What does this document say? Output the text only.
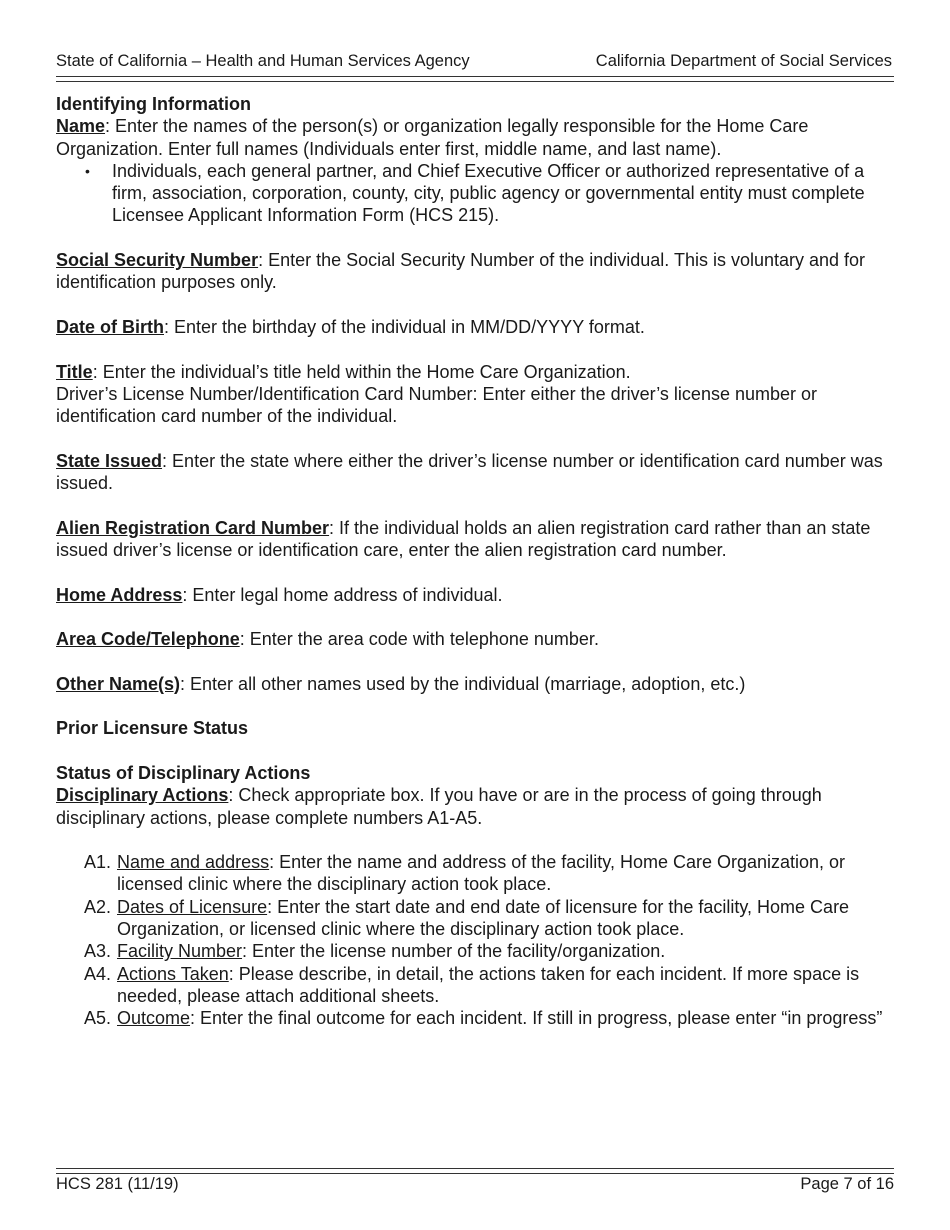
State of California – Health and Human Services Agency	California Department of Social Services

Identifying Information

Name: Enter the names of the person(s) or organization legally responsible for the Home Care Organization. Enter full names (Individuals enter first, middle name, and last name).

• Individuals, each general partner, and Chief Executive Officer or authorized representative of a firm, association, corporation, county, city, public agency or governmental entity must complete Licensee Applicant Information Form (HCS 215).

Social Security Number: Enter the Social Security Number of the individual. This is voluntary and for identification purposes only.

Date of Birth: Enter the birthday of the individual in MM/DD/YYYY format.

Title: Enter the individual’s title held within the Home Care Organization.

Driver’s License Number/Identification Card Number: Enter either the driver’s license number or identification card number of the individual.

State Issued: Enter the state where either the driver’s license number or identification card number was issued.

Alien Registration Card Number: If the individual holds an alien registration card rather than an state issued driver’s license or identification care, enter the alien registration card number.

Home Address: Enter legal home address of individual.

Area Code/Telephone: Enter the area code with telephone number.

Other Name(s): Enter all other names used by the individual (marriage, adoption, etc.)

Prior Licensure Status

Status of Disciplinary Actions

Disciplinary Actions: Check appropriate box. If you have or are in the process of going through disciplinary actions, please complete numbers A1-A5.

A1. Name and address: Enter the name and address of the facility, Home Care Organization, or licensed clinic where the disciplinary action took place.
A2. Dates of Licensure: Enter the start date and end date of licensure for the facility, Home Care Organization, or licensed clinic where the disciplinary action took place.
A3. Facility Number: Enter the license number of the facility/organization.
A4. Actions Taken: Please describe, in detail, the actions taken for each incident. If more space is needed, please attach additional sheets.
A5. Outcome: Enter the final outcome for each incident. If still in progress, please enter “in progress”
HCS 281 (11/19)	Page 7 of 16
